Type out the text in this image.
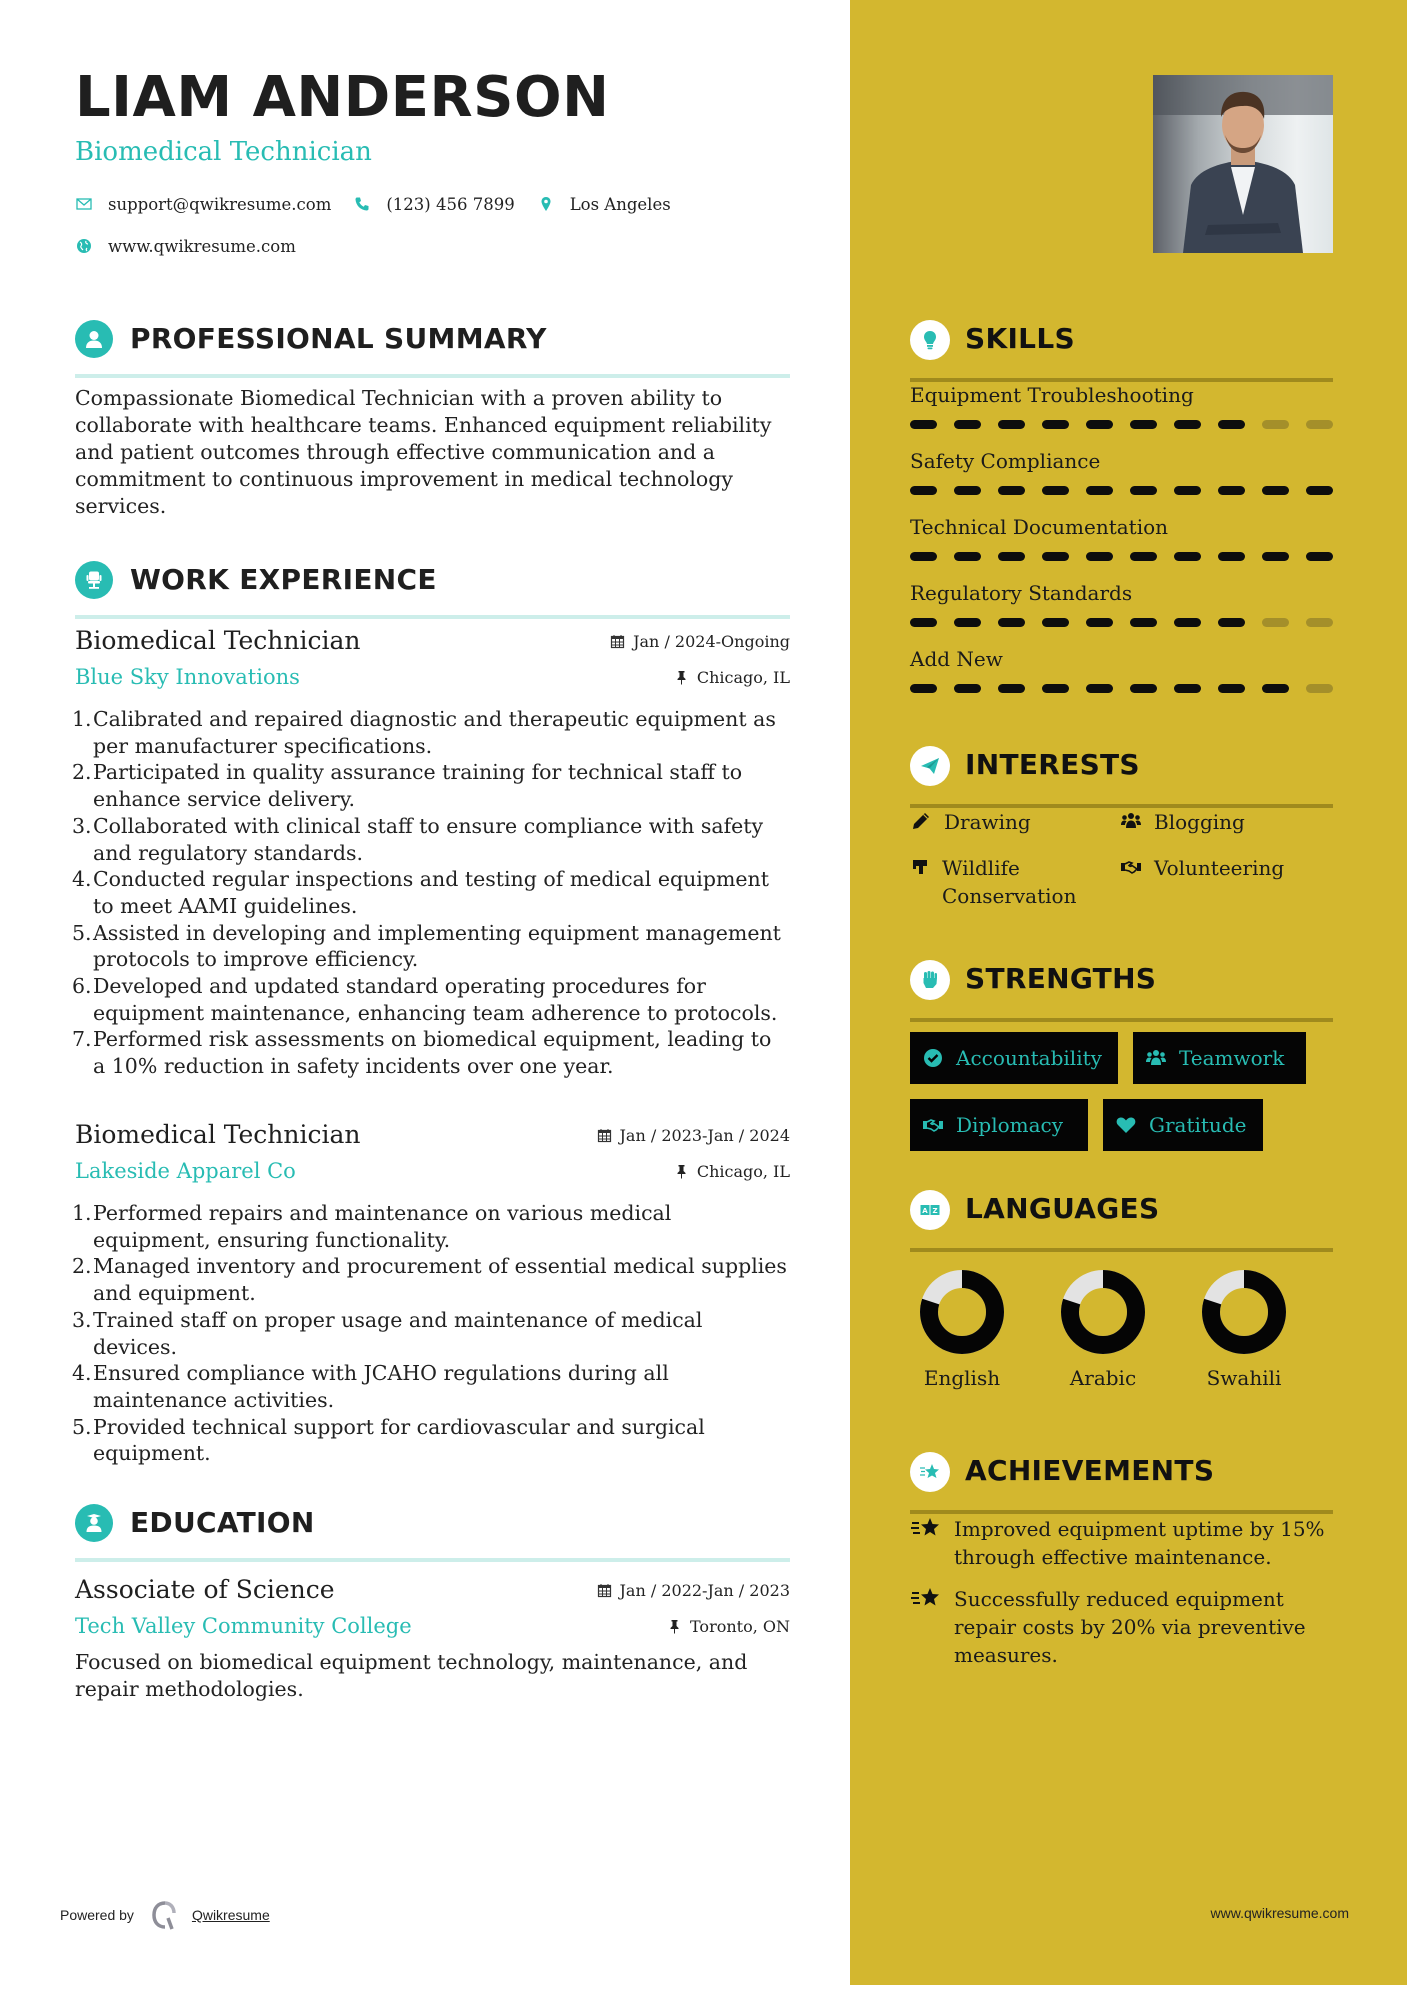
LIAM ANDERSON
Biomedical Technician
support@qwikresume.com	(123) 456 7899	Los Angeles
www.qwikresume.com
PROFESSIONAL SUMMARY
Compassionate Biomedical Technician with a proven ability to collaborate with healthcare teams. Enhanced equipment reliability and patient outcomes through effective communication and a commitment to continuous improvement in medical technology services.
WORK EXPERIENCE
Biomedical Technician
Blue Sky Innovations
Jan / 2024-Ongoing
Chicago, IL
1. Calibrated and repaired diagnostic and therapeutic equipment as per manufacturer specifications.
2. Participated in quality assurance training for technical staff to enhance service delivery.
3. Collaborated with clinical staff to ensure compliance with safety and regulatory standards.
4. Conducted regular inspections and testing of medical equipment to meet AAMI guidelines.
5. Assisted in developing and implementing equipment management protocols to improve efficiency.
6. Developed and updated standard operating procedures for equipment maintenance, enhancing team adherence to protocols.
7. Performed risk assessments on biomedical equipment, leading to a 10% reduction in safety incidents over one year.
Biomedical Technician
Lakeside Apparel Co
Jan / 2023-Jan / 2024
Chicago, IL
1. Performed repairs and maintenance on various medical equipment, ensuring functionality.
2. Managed inventory and procurement of essential medical supplies and equipment.
3. Trained staff on proper usage and maintenance of medical devices.
4. Ensured compliance with JCAHO regulations during all maintenance activities.
5. Provided technical support for cardiovascular and surgical equipment.
EDUCATION
Associate of Science
Tech Valley Community College
Jan / 2022-Jan / 2023
Toronto, ON
Focused on biomedical equipment technology, maintenance, and repair methodologies.
Powered by	Qwikresume
SKILLS
Equipment Troubleshooting
Safety Compliance
Technical Documentation
Regulatory Standards
Add New
INTERESTS
Drawing	Blogging
Wildlife Conservation
Volunteering
STRENGTHS
Accountability	Teamwork
Diplomacy	Gratitude
A Z LANGUAGES
English	Arabic	Swahili
ACHIEVEMENTS
Improved equipment uptime by 15% through effective maintenance.
Successfully reduced equipment repair costs by 20% via preventive measures.
www.qwikresume.com
